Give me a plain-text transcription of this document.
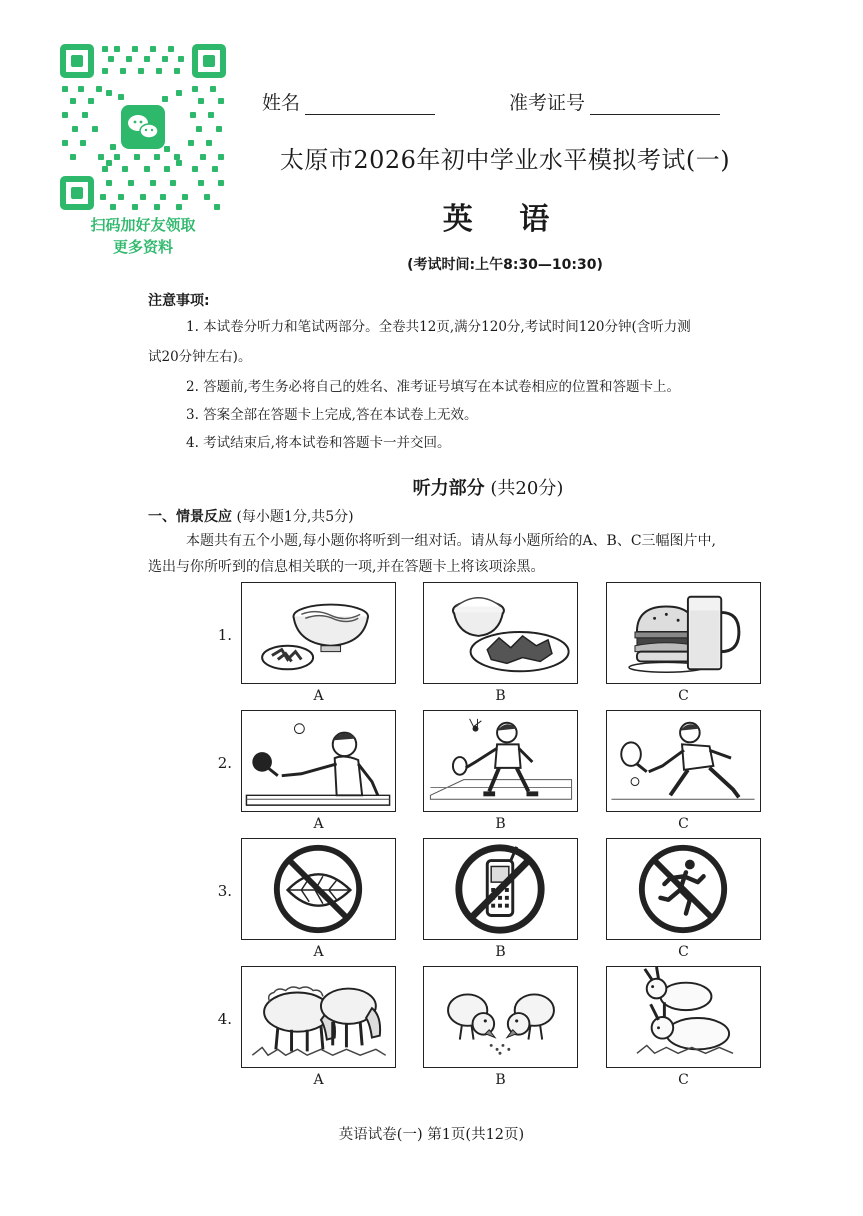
扫码加好友领取
更多资料
姓名	准考证号
太原市2026年初中学业水平模拟考试(一)
英 语
(考试时间:上午8:30—10:30)
注意事项:
1. 本试卷分听力和笔试两部分。全卷共12页,满分120分,考试时间120分钟(含听力测
试20分钟左右)。
2. 答题前,考生务必将自己的姓名、准考证号填写在本试卷相应的位置和答题卡上。
3. 答案全部在答题卡上完成,答在本试卷上无效。
4. 考试结束后,将本试卷和答题卡一并交回。
听力部分 (共20分)
一、情景反应 (每小题1分,共5分)
本题共有五个小题,每小题你将听到一组对话。请从每小题所给的A、B、C三幅图片中,
选出与你所听到的信息相关联的一项,并在答题卡上将该项涂黑。
1.
A	B	C
2.
A	B	C
3.
A	B	C
4.
A	B	C
英语试卷(一) 第1页(共12页)
